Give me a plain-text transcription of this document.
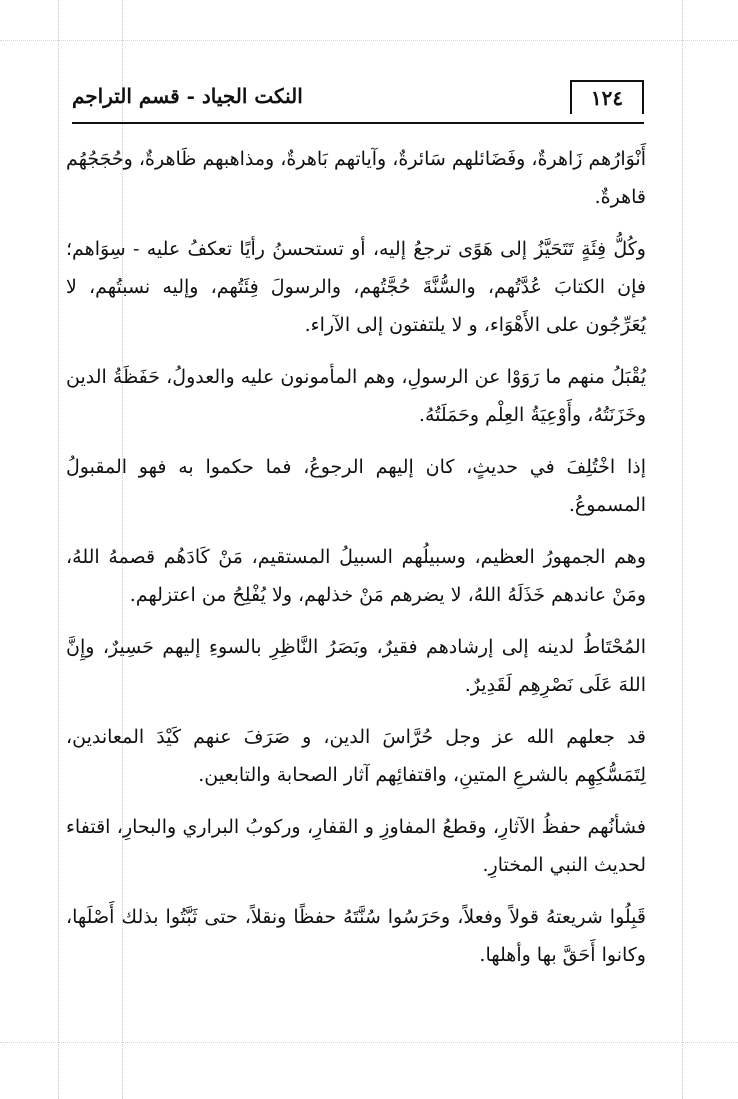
النكت الجياد - قسم التراجم	١٢٤

أَنْوَارُهم زَاهرةٌ، وفَضَائلهم سَائرةٌ، وآياتهم بَاهرةٌ، ومذاهبهم ظَاهرةٌ، وحُجَجُهُم قاهرةٌ.

وكُلُّ فِئَةٍ تَتَحَيَّزُ إلى هَوًى ترجعُ إليه، أو تستحسنُ رأيًا تعكفُ عليه - سِوَاهم؛ فإن الكتابَ عُدَّتُهم، والسُّنَّةَ حُجَّتُهم، والرسولَ فِئَتُهم، وإليه نسبتُهم، لا يُعَرِّجُون على الأَهْوَاء، و لا يلتفتون إلى الآراء.

يُقْبَلُ منهم ما رَوَوْا عن الرسولِ، وهم المأمونون عليه والعدولُ، حَفَظَةُ الدين وخَزَنَتُهُ، وأَوْعِيَةُ العِلْم وحَمَلَتُهُ.

إذا اخْتُلِفَ في حديثٍ، كان إليهم الرجوعُ، فما حكموا به فهو المقبولُ المسموعُ.

وهم الجمهورُ العظيم، وسبيلُهم السبيلُ المستقيم، مَنْ كَادَهُم قصمهُ اللهُ، ومَنْ عاندهم خَذَلَهُ اللهُ، لا يضرهم مَنْ خذلهم، ولا يُفْلِحُ من اعتزلهم.

المُحْتَاطُ لدينه إلى إرشادهم فقيرٌ، وبَصَرُ النَّاظِرِ بالسوءِ إليهم حَسِيرٌ، وإِنَّ اللهَ عَلَى نَصْرِهِم لَقَدِيرٌ.

قد جعلهم الله عز وجل حُرَّاسَ الدين، و صَرَفَ عنهم كَيْدَ المعاندين، لِتَمَسُّكِهِم بالشرعِ المتينِ، واقتفائِهم آثار الصحابة والتابعين.

فشأنُهم حفظُ الآثارِ، وقطعُ المفاوزِ و القفارِ، وركوبُ البراري والبحارِ، اقتفاء لحديث النبي المختارِ.

قَبِلُوا شريعتهُ قولاً وفعلاً، وحَرَسُوا سُنَّتَهُ حفظًا ونقلاً، حتى ثَبَّتُوا بذلك أَصْلَها، وكانوا أَحَقَّ بها وأهلها.
